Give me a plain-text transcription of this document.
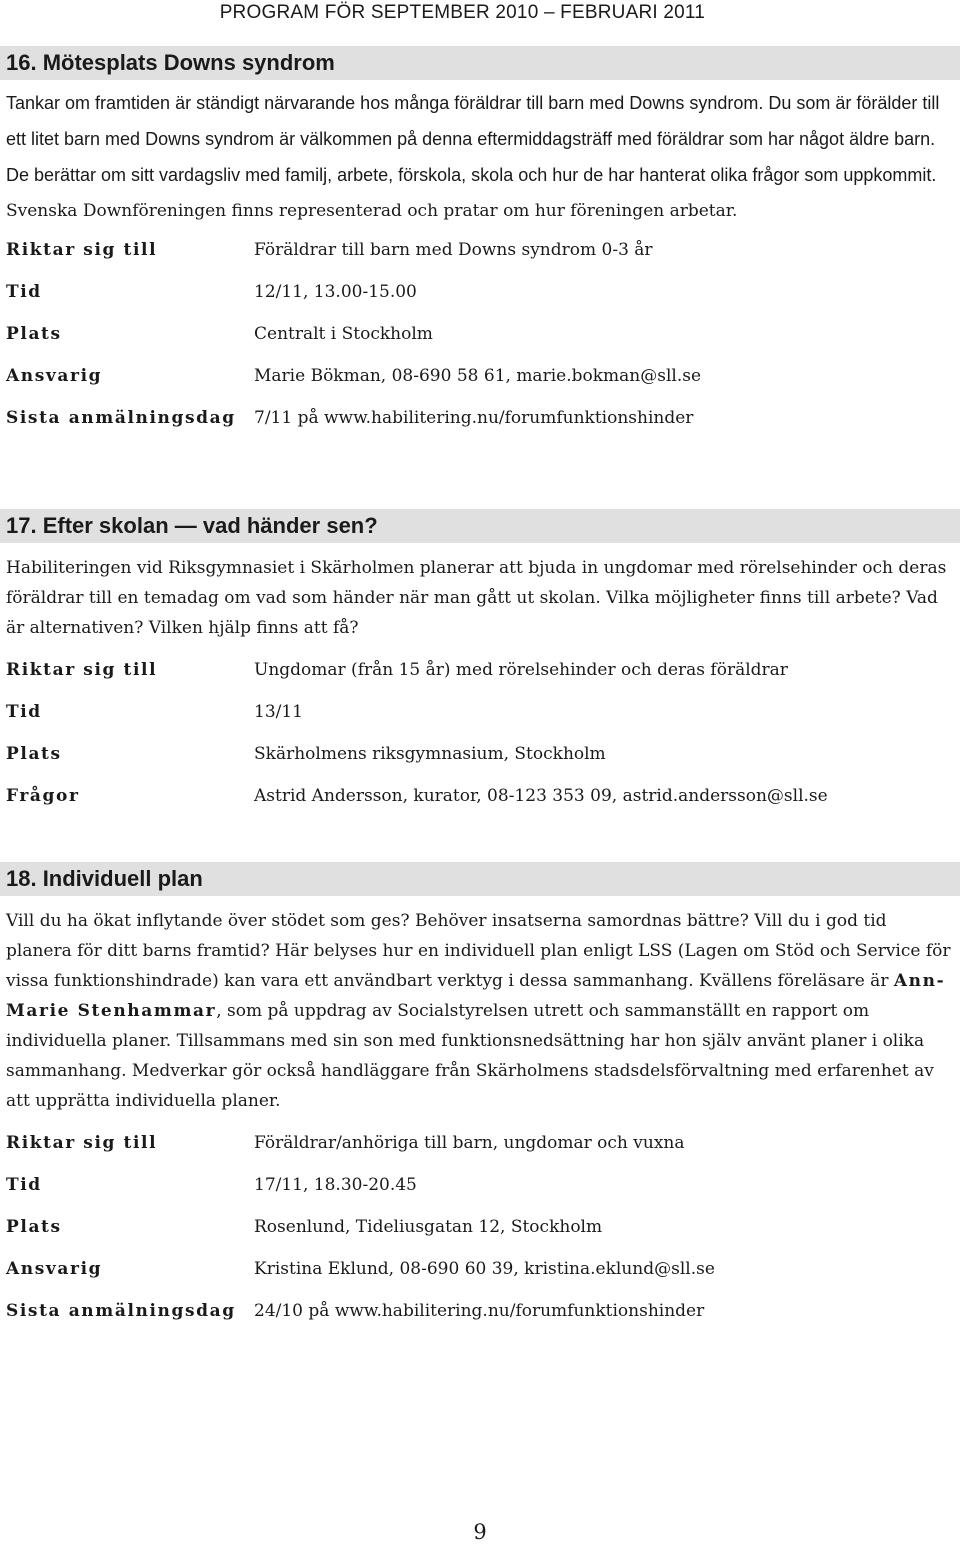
PROGRAM FÖR SEPTEMBER 2010 – FEBRUARI 2011
16. Mötesplats Downs syndrom

Tankar om framtiden är ständigt närvarande hos många föräldrar till barn med Downs syndrom. Du som är förälder till ett litet barn med Downs syndrom är välkommen på denna eftermiddagsträff med föräldrar som har något äldre barn. De berättar om sitt vardagsliv med familj, arbete, förskola, skola och hur de har hanterat olika frågor som uppkommit. Svenska Downföreningen finns representerad och pratar om hur föreningen arbetar.

Riktar sig till	Föräldrar till barn med Downs syndrom 0-3 år
Tid	12/11, 13.00-15.00
Plats	Centralt i Stockholm
Ansvarig	Marie Bökman, 08-690 58 61, marie.bokman@sll.se
Sista anmälningsdag	7/11 på www.habilitering.nu/forumfunktionshinder
17. Efter skolan — vad händer sen?

Habiliteringen vid Riksgymnasiet i Skärholmen planerar att bjuda in ungdomar med rörelsehinder och deras föräldrar till en temadag om vad som händer när man gått ut skolan. Vilka möjligheter finns till arbete? Vad är alternativen? Vilken hjälp finns att få?

Riktar sig till	Ungdomar (från 15 år) med rörelsehinder och deras föräldrar
Tid	13/11
Plats	Skärholmens riksgymnasium, Stockholm
Frågor	Astrid Andersson, kurator, 08-123 353 09, astrid.andersson@sll.se
18. Individuell plan

Vill du ha ökat inflytande över stödet som ges? Behöver insatserna samordnas bättre? Vill du i god tid planera för ditt barns framtid? Här belyses hur en individuell plan enligt LSS (Lagen om Stöd och Service för vissa funktionshindrade) kan vara ett användbart verktyg i dessa sammanhang. Kvällens föreläsare är Ann-Marie Stenhammar, som på uppdrag av Socialstyrelsen utrett och sammanställt en rapport om individuella planer. Tillsammans med sin son med funktionsnedsättning har hon själv använt planer i olika sammanhang. Medverkar gör också handläggare från Skärholmens stadsdelsförvaltning med erfarenhet av att upprätta individuella planer.

Riktar sig till	Föräldrar/anhöriga till barn, ungdomar och vuxna
Tid	17/11, 18.30-20.45
Plats	Rosenlund, Tideliusgatan 12, Stockholm
Ansvarig	Kristina Eklund, 08-690 60 39, kristina.eklund@sll.se
Sista anmälningsdag	24/10 på www.habilitering.nu/forumfunktionshinder
9
